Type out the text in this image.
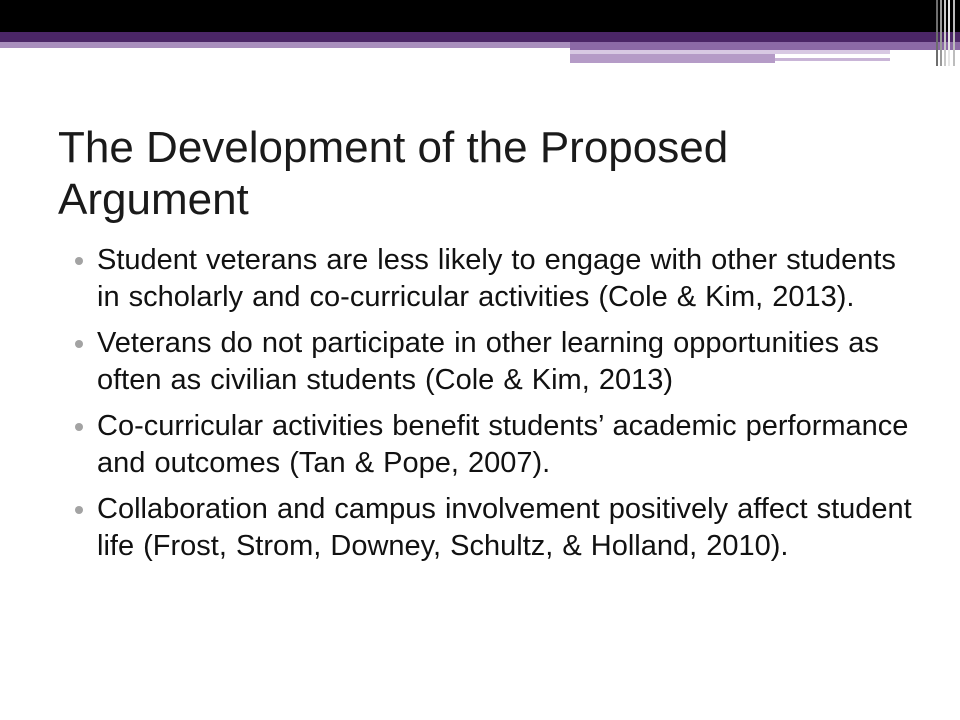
The Development of the Proposed Argument
Student veterans are less likely to engage with other students in scholarly and co-curricular activities (Cole & Kim, 2013).
Veterans do not participate in other learning opportunities as often as civilian students (Cole & Kim, 2013)
Co-curricular activities benefit students’ academic performance and outcomes (Tan & Pope, 2007).
Collaboration and campus involvement positively affect student life (Frost, Strom, Downey, Schultz, & Holland, 2010).
